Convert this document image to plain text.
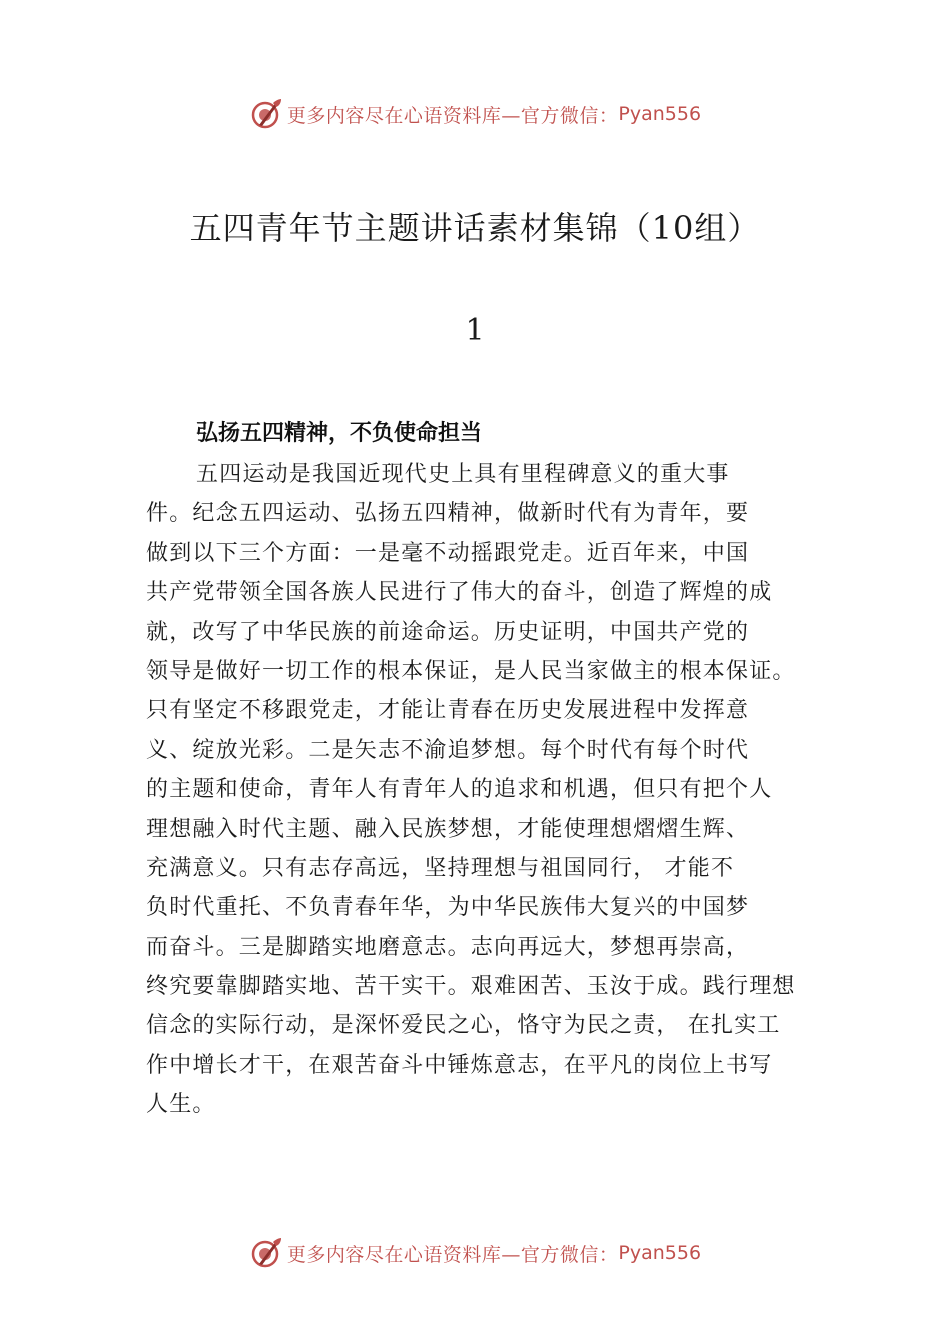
更多内容尽在心语资料库—官方微信： Pyan556
五四青年节主题讲话素材集锦（10组）
1
弘扬五四精神，不负使命担当
五四运动是我国近现代史上具有里程碑意义的重大事
件。纪念五四运动、弘扬五四精神，做新时代有为青年，要
做到以下三个方面：一是毫不动摇跟党走。近百年来，中国
共产党带领全国各族人民进行了伟大的奋斗，创造了辉煌的成
就，改写了中华民族的前途命运。历史证明，中国共产党的
领导是做好一切工作的根本保证，是人民当家做主的根本保证。
只有坚定不移跟党走，才能让青春在历史发展进程中发挥意
义、绽放光彩。二是矢志不渝追梦想。每个时代有每个时代
的主题和使命，青年人有青年人的追求和机遇，但只有把个人
理想融入时代主题、融入民族梦想，才能使理想熠熠生辉、
充满意义。只有志存高远，坚持理想与祖国同行， 才能不
负时代重托、不负青春年华，为中华民族伟大复兴的中国梦
而奋斗。三是脚踏实地磨意志。志向再远大，梦想再崇高，
终究要靠脚踏实地、苦干实干。艰难困苦、玉汝于成。践行理想
信念的实际行动，是深怀爱民之心，恪守为民之责， 在扎实工
作中增长才干，在艰苦奋斗中锤炼意志，在平凡的岗位上书写
人生。
更多内容尽在心语资料库—官方微信： Pyan556
